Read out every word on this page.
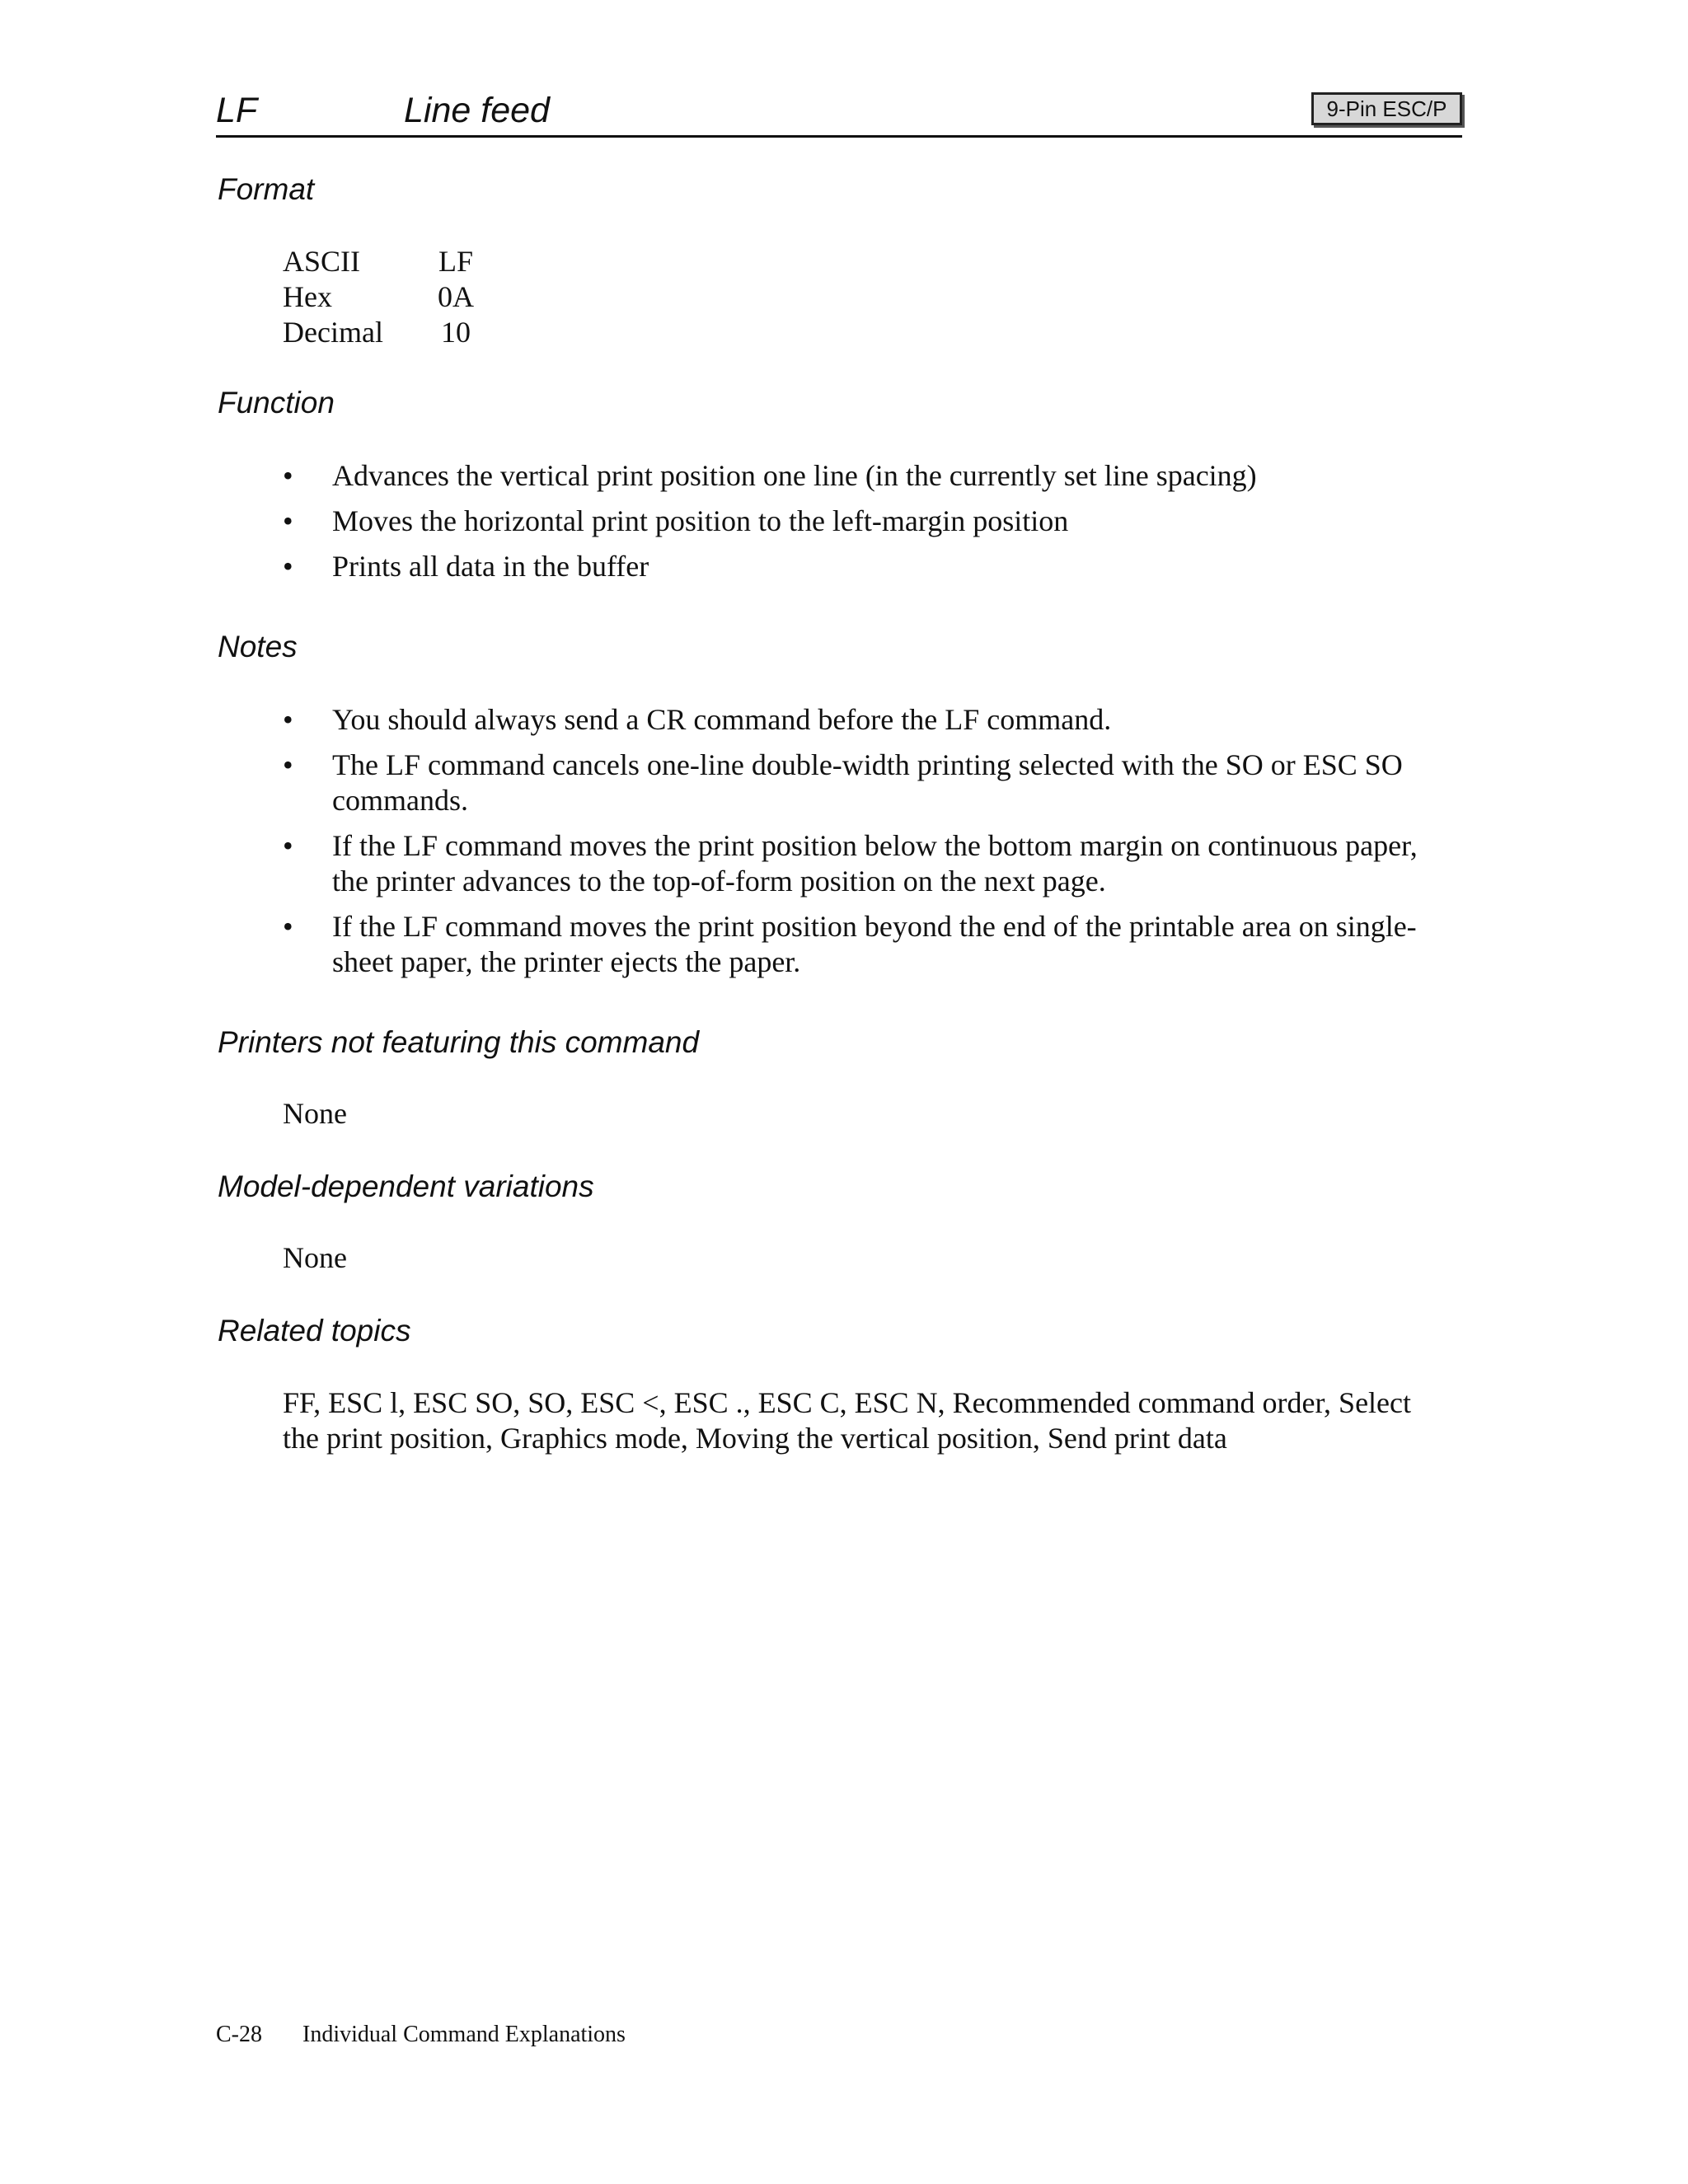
LF	Line feed	9-Pin ESC/P
Format
ASCII	LF
Hex	0A
Decimal	10
Function
• Advances the vertical print position one line (in the currently set line spacing)
• Moves the horizontal print position to the left-margin position
• Prints all data in the buffer
Notes
• You should always send a CR command before the LF command.
• The LF command cancels one-line double-width printing selected with the SO or ESC SO commands.
• If the LF command moves the print position below the bottom margin on continuous paper, the printer advances to the top-of-form position on the next page.
• If the LF command moves the print position beyond the end of the printable area on single-sheet paper, the printer ejects the paper.
Printers not featuring this command

None

Model-dependent variations

None

Related topics

FF, ESC l, ESC SO, SO, ESC <, ESC ., ESC C, ESC N, Recommended command order, Select the print position, Graphics mode, Moving the vertical position, Send print data

C-28 Individual Command Explanations
